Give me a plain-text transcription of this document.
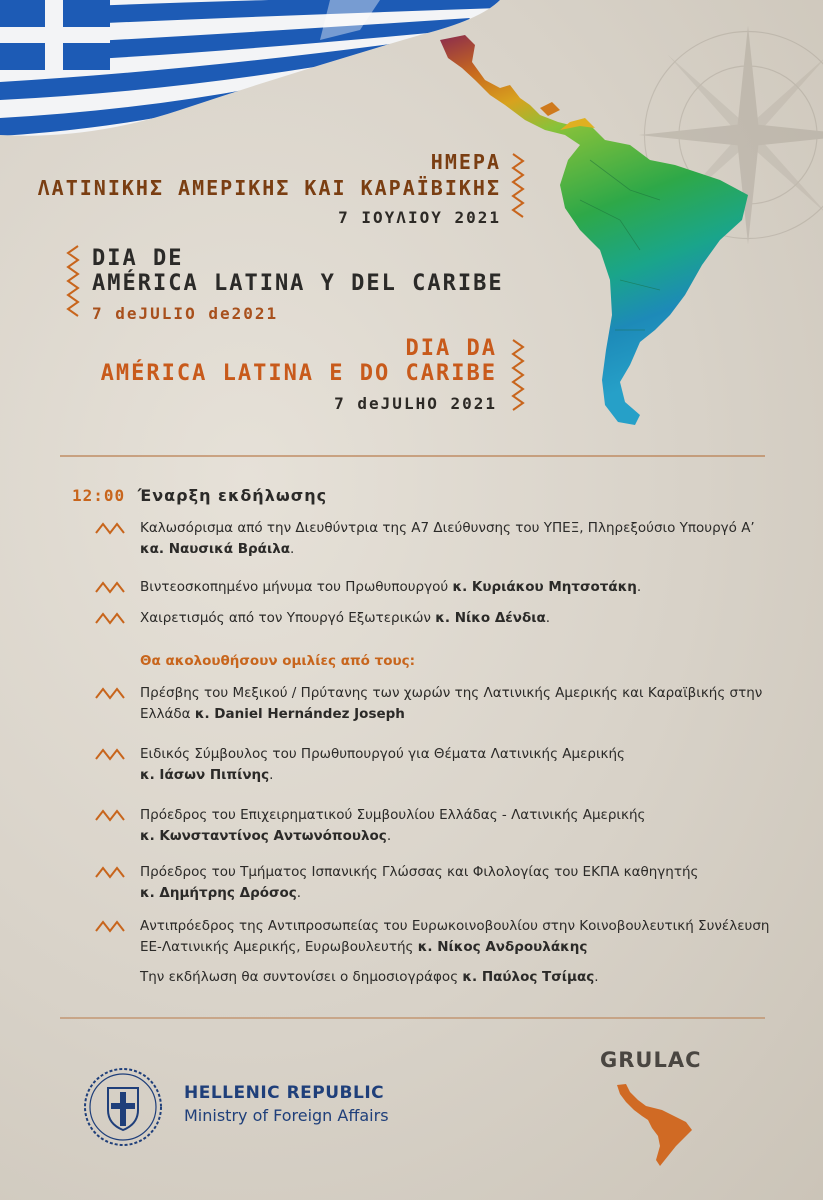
ΗΜΕΡΑ
ΛΑΤΙΝΙΚΗΣ ΑΜΕΡΙΚΗΣ ΚΑΙ ΚΑΡΑΪΒΙΚΗΣ
7 ΙΟΥΛΙΟΥ 2021
DIA DE
AMÉRICA LATINA Y DEL CARIBE
7 deJULIO de2021
DIA DA
AMÉRICA LATINA E DO CARIBE
7 deJULHO 2021
12:00 Έναρξη εκδήλωσης
Καλωσόρισμα από την Διευθύντρια της Α7 Διεύθυνσης του ΥΠΕΞ, Πληρεξούσιο Υπουργό Α’ κα. Ναυσικά Βράιλα.
Βιντεοσκοπημένο μήνυμα του Πρωθυπουργού κ. Κυριάκου Μητσοτάκη.
Χαιρετισμός από τον Υπουργό Εξωτερικών κ. Νίκο Δένδια.
Θα ακολουθήσουν ομιλίες από τους:
Πρέσβης του Μεξικού / Πρύτανης των χωρών της Λατινικής Αμερικής και Καραϊβικής στην Ελλάδα κ. Daniel Hernández Joseph
Ειδικός Σύμβουλος του Πρωθυπουργού για Θέματα Λατινικής Αμερικής
κ. Ιάσων Πιπίνης.
Πρόεδρος του Επιχειρηματικού Συμβουλίου Ελλάδας - Λατινικής Αμερικής
κ. Κωνσταντίνος Αντωνόπουλος.
Πρόεδρος του Τμήματος Ισπανικής Γλώσσας και Φιλολογίας του ΕΚΠΑ καθηγητής
κ. Δημήτρης Δρόσος.
Αντιπρόεδρος της Αντιπροσωπείας του Ευρωκοινοβουλίου στην Κοινοβουλευτική Συνέλευση ΕΕ-Λατινικής Αμερικής, Ευρωβουλευτής κ. Νίκος Ανδρουλάκης
Την εκδήλωση θα συντονίσει ο δημοσιογράφος κ. Παύλος Τσίμας.
HELLENIC REPUBLIC
Ministry of Foreign Affairs
GRULAC
